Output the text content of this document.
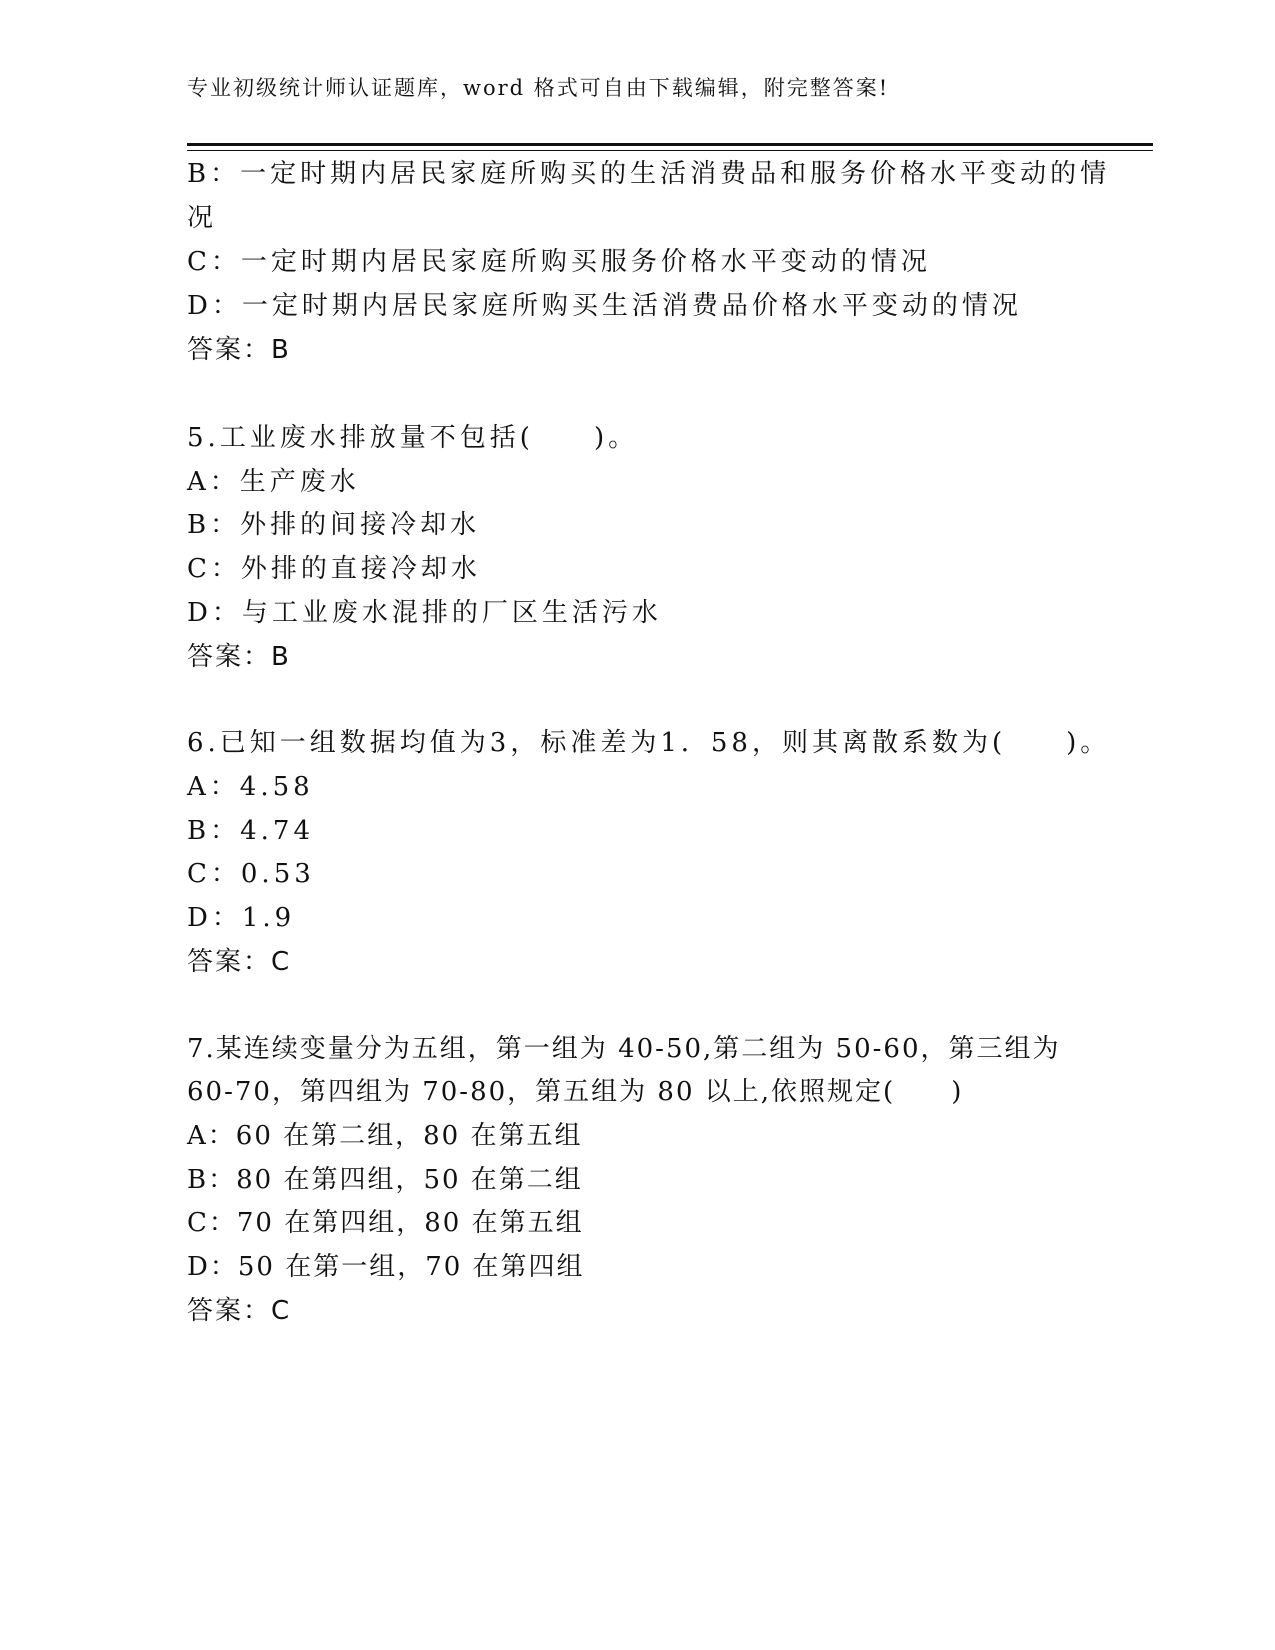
专业初级统计师认证题库，word 格式可自由下载编辑，附完整答案!
B：一定时期内居民家庭所购买的生活消费品和服务价格水平变动的情
况
C：一定时期内居民家庭所购买服务价格水平变动的情况
D：一定时期内居民家庭所购买生活消费品价格水平变动的情况
答案：B
5.工业废水排放量不包括(　　)。
A：生产废水
B：外排的间接冷却水
C：外排的直接冷却水
D：与工业废水混排的厂区生活污水
答案：B
6.已知一组数据均值为3，标准差为1．58，则其离散系数为(　　)。
A：4.58
B：4.74
C：0.53
D：1.9
答案：C
7.某连续变量分为五组，第一组为 40-50,第二组为 50-60，第三组为
60-70，第四组为 70-80，第五组为 80 以上,依照规定(　　)
A：60 在第二组，80 在第五组
B：80 在第四组，50 在第二组
C：70 在第四组，80 在第五组
D：50 在第一组，70 在第四组
答案：C
